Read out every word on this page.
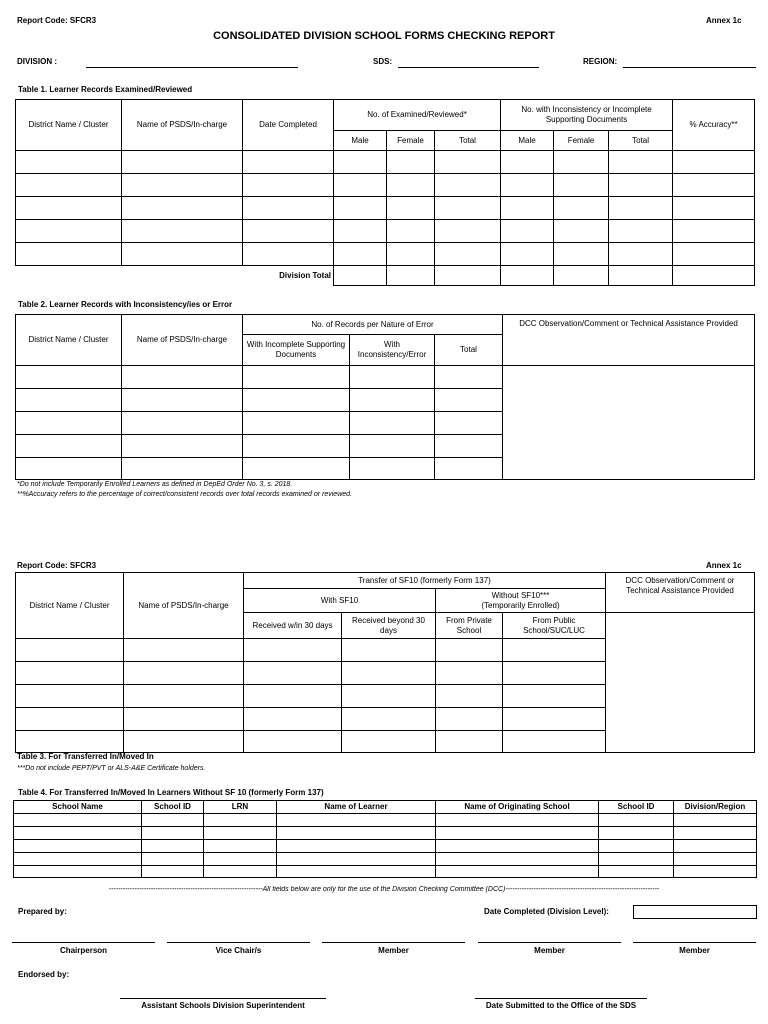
Report Code: SFCR3	Annex 1c
CONSOLIDATED DIVISION SCHOOL FORMS CHECKING REPORT
DIVISION :	SDS:	REGION:
Table 1. Learner Records Examined/Reviewed
District Name / Cluster	Name of PSDS/In-charge	Date Completed	No. of Examined/Reviewed*			No. with Inconsistency or Incomplete Supporting Documents			% Accuracy**
			Male	Female	Total	Male	Female	Total	

Division Total									
Table 2. Learner Records with Inconsistency/ies or Error
District Name / Cluster	Name of PSDS/In-charge	No. of Records per Nature of Error			DCC Observation/Comment or Technical Assistance Provided
		With Incomplete Supporting Documents	With Inconsistency/Error	Total	

*Do not include Temporarily Enrolled Learners as defined in DepEd Order No. 3, s. 2018.
**%Accuracy refers to the percentage of correct/consistent records over total records examined or reviewed.
Report Code: SFCR3	Annex 1c
District Name / Cluster	Name of PSDS/In-charge	Transfer of SF10 (formerly Form 137)				DCC Observation/Comment or Technical Assistance Provided
		With SF10		Without SF10***
(Temporarily Enrolled)		

		Received w/in 30 days	Received beyond 30 days	From Private School	From Public School/SUC/LUC	

Table 3. For Transferred In/Moved In
***Do not include PEPT/PVT or ALS-A&E Certificate holders.
Table 4. For Transferred In/Moved In Learners Without SF 10 (formerly Form 137)
School Name	School ID	LRN	Name of Learner	Name of Originating School	School ID	Division/Region

------------------------------------------------------------------All fields below are only for the use of the Division Checking Committee (DCC)------------------------------------------------------------------
Prepared by:	Date Completed (Division Level):
Chairperson	Vice Chair/s	Member	Member	Member
Endorsed by:
Assistant Schools Division Superintendent	Date Submitted to the Office of the SDS
